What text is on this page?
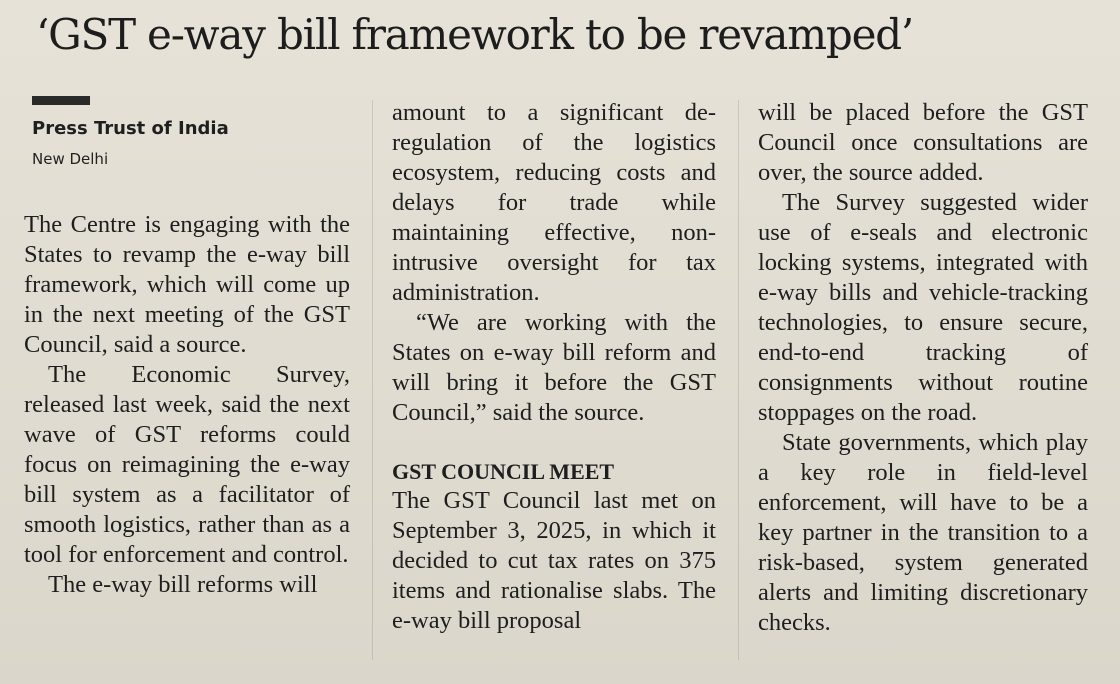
‘GST e-way bill framework to be revamped’
Press Trust of India
New Delhi

The Centre is engaging with the States to revamp the e-way bill framework, which will come up in the next meeting of the GST Council, said a source.

The Economic Survey, released last week, said the next wave of GST reforms could focus on reimagining the e-way bill system as a facilitator of smooth logistics, rather than as a tool for enforcement and control.

The e-way bill reforms will

amount to a significant de-regulation of the logistics ecosystem, reducing costs and delays for trade while maintaining effective, non-intrusive oversight for tax administration.

“We are working with the States on e-way bill reform and will bring it before the GST Council,” said the source.

GST COUNCIL MEET

The GST Council last met on September 3, 2025, in which it decided to cut tax rates on 375 items and rationalise slabs. The e-way bill proposal

will be placed before the GST Council once consultations are over, the source added.

The Survey suggested wider use of e-seals and electronic locking systems, integrated with e-way bills and vehicle-tracking technologies, to ensure secure, end-to-end tracking of consignments without routine stoppages on the road.

State governments, which play a key role in field-level enforcement, will have to be a key partner in the transition to a risk-based, system generated alerts and limiting discretionary checks.
